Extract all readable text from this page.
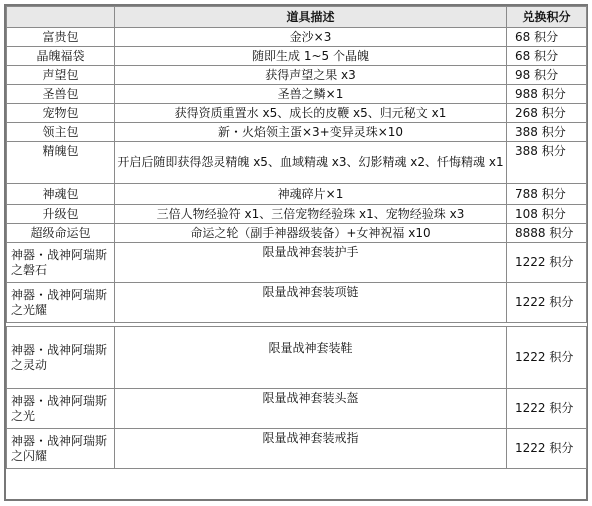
	道具描述	兑换积分
富贵包	金沙×3	68 积分
晶魄福袋	随即生成 1~5 个晶魄	68 积分
声望包	获得声望之果 x3	98 积分
圣兽包	圣兽之鳞×1	988 积分
宠物包	获得资质重置水 x5、成长的皮鞭 x5、归元秘文 x1	268 积分
领主包	新・火焰领主蛋×3+变异灵珠×10	388 积分
精魄包	开启后随即获得怨灵精魄 x5、血域精魂 x3、幻影精魂 x2、忏悔精魂 x1	388 积分
神魂包	神魂碎片×1	788 积分
升级包	三倍人物经验符 x1、三倍宠物经验珠 x1、宠物经验珠 x3	108 积分
超级命运包	命运之轮（副手神器级装备）+女神祝福 x10	8888 积分
神器・战神阿瑞斯之磐石	限量战神套装护手	1222 积分
神器・战神阿瑞斯之光耀	限量战神套装项链	1222 积分

神器・战神阿瑞斯之灵动	限量战神套装鞋	1222 积分
神器・战神阿瑞斯之光	限量战神套装头盔	1222 积分
神器・战神阿瑞斯之闪耀	限量战神套装戒指	1222 积分
